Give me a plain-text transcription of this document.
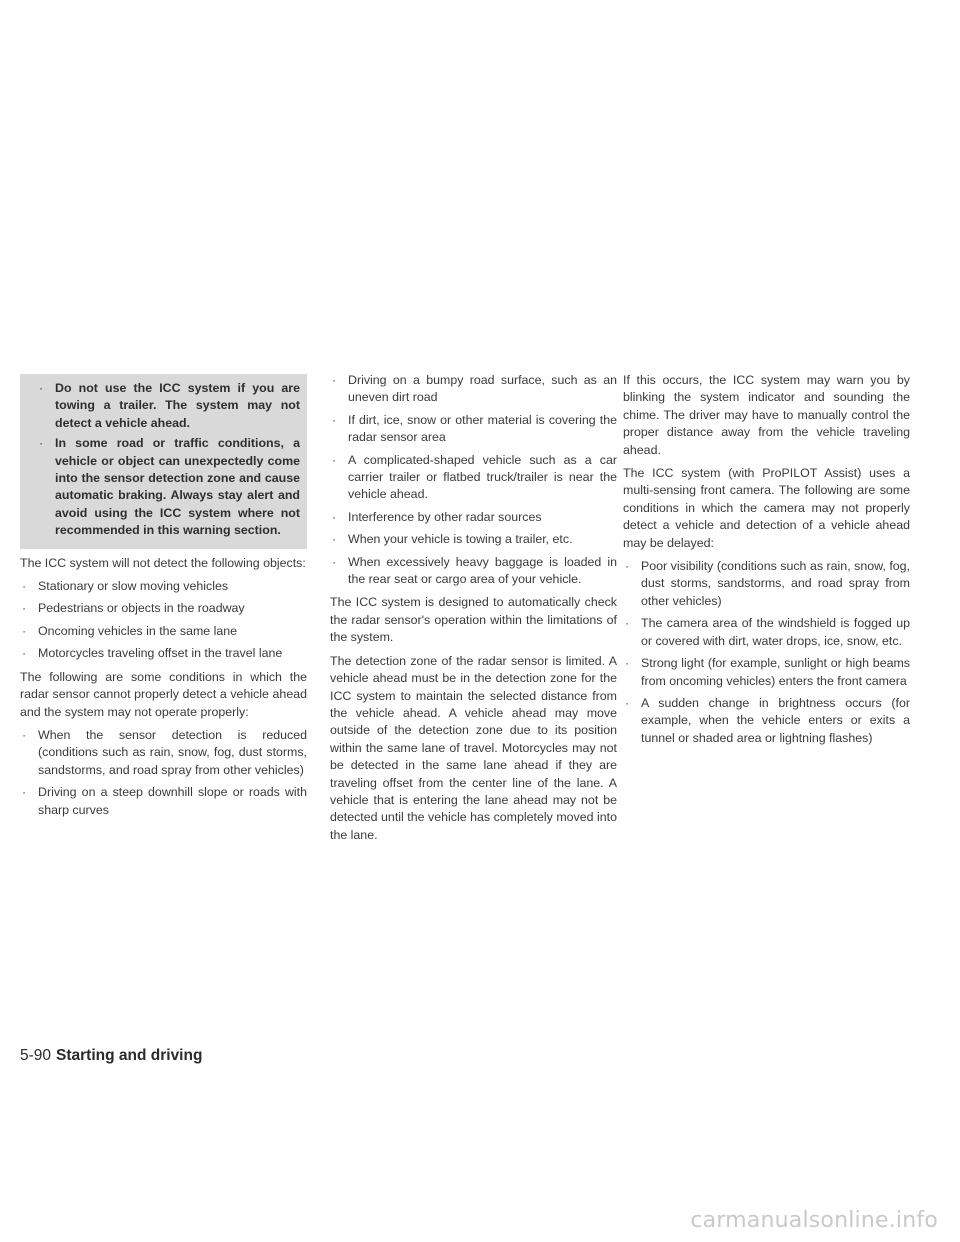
· Do not use the ICC system if you are towing a trailer. The system may not detect a vehicle ahead.
· In some road or traffic conditions, a vehicle or object can unexpectedly come into the sensor detection zone and cause automatic braking. Always stay alert and avoid using the ICC system where not recommended in this warning section.

The ICC system will not detect the following objects:

· Stationary or slow moving vehicles
· Pedestrians or objects in the roadway
· Oncoming vehicles in the same lane
· Motorcycles traveling offset in the travel lane

The following are some conditions in which the radar sensor cannot properly detect a vehicle ahead and the system may not operate properly:

· When the sensor detection is reduced (conditions such as rain, snow, fog, dust storms, sandstorms, and road spray from other vehicles)
· Driving on a steep downhill slope or roads with sharp curves
· Driving on a bumpy road surface, such as an uneven dirt road
· If dirt, ice, snow or other material is covering the radar sensor area
· A complicated-shaped vehicle such as a car carrier trailer or flatbed truck/trailer is near the vehicle ahead.
· Interference by other radar sources
· When your vehicle is towing a trailer, etc.
· When excessively heavy baggage is loaded in the rear seat or cargo area of your vehicle.

The ICC system is designed to automatically check the radar sensor's operation within the limitations of the system.

The detection zone of the radar sensor is limited. A vehicle ahead must be in the detection zone for the ICC system to maintain the selected distance from the vehicle ahead. A vehicle ahead may move outside of the detection zone due to its position within the same lane of travel. Motorcycles may not be detected in the same lane ahead if they are traveling offset from the center line of the lane. A vehicle that is entering the lane ahead may not be detected until the vehicle has completely moved into the lane.

If this occurs, the ICC system may warn you by blinking the system indicator and sounding the chime. The driver may have to manually control the proper distance away from the vehicle traveling ahead.

The ICC system (with ProPILOT Assist) uses a multi-sensing front camera. The following are some conditions in which the camera may not properly detect a vehicle and detection of a vehicle ahead may be delayed:

· Poor visibility (conditions such as rain, snow, fog, dust storms, sandstorms, and road spray from other vehicles)
· The camera area of the windshield is fogged up or covered with dirt, water drops, ice, snow, etc.
· Strong light (for example, sunlight or high beams from oncoming vehicles) enters the front camera
· A sudden change in brightness occurs (for example, when the vehicle enters or exits a tunnel or shaded area or lightning flashes)
5-90 Starting and driving
carmanualsonline.info
